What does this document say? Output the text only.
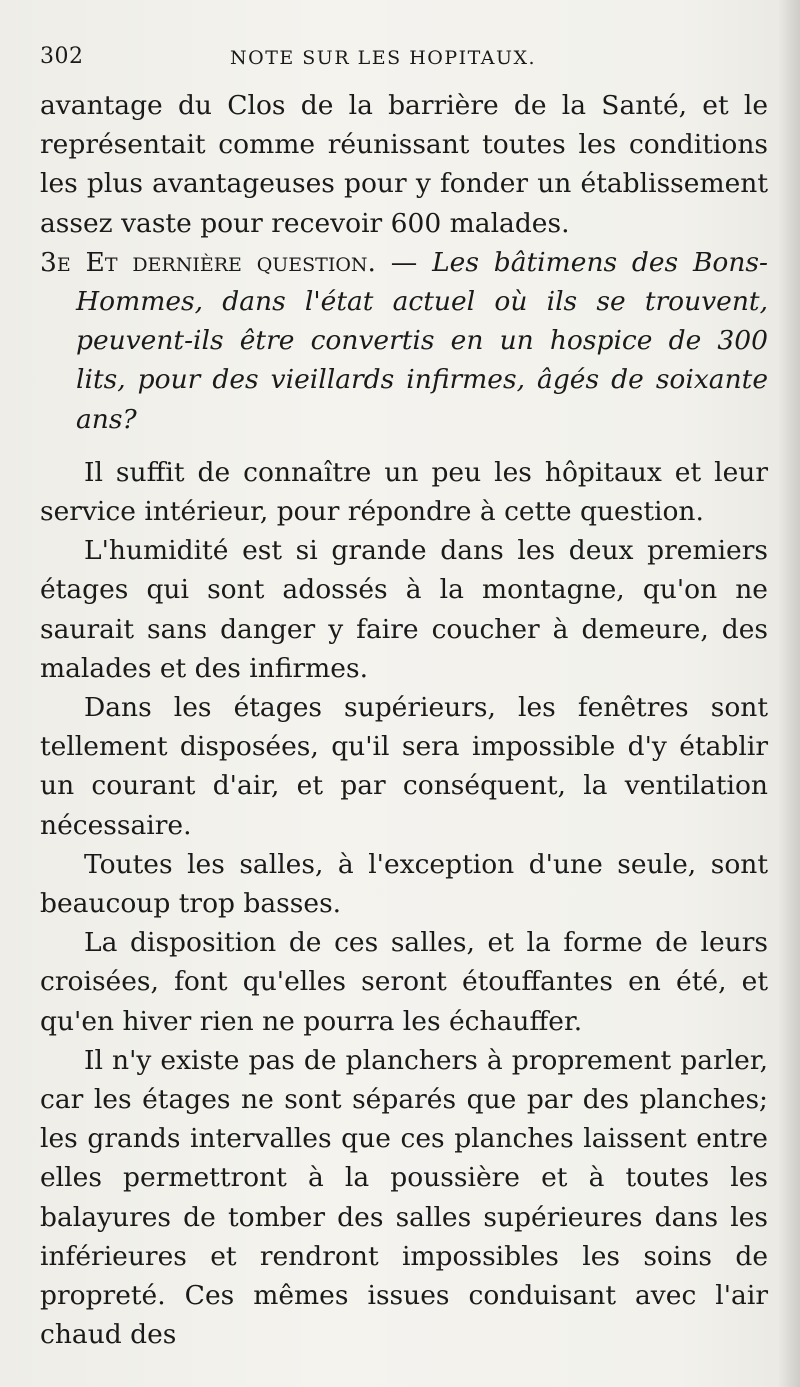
302	NOTE SUR LES HOPITAUX.

avantage du Clos de la barrière de la Santé, et le représentait comme réunissant toutes les conditions les plus avantageuses pour y fonder un établissement assez vaste pour recevoir 600 malades.

3e Et dernière question. — Les bâtimens des Bons-Hommes, dans l'état actuel où ils se trouvent, peuvent-ils être convertis en un hospice de 300 lits, pour des vieillards infirmes, âgés de soixante ans?

Il suffit de connaître un peu les hôpitaux et leur service intérieur, pour répondre à cette question.

L'humidité est si grande dans les deux premiers étages qui sont adossés à la montagne, qu'on ne saurait sans danger y faire coucher à demeure, des malades et des infirmes.

Dans les étages supérieurs, les fenêtres sont tellement disposées, qu'il sera impossible d'y établir un courant d'air, et par conséquent, la ventilation nécessaire.

Toutes les salles, à l'exception d'une seule, sont beaucoup trop basses.

La disposition de ces salles, et la forme de leurs croisées, font qu'elles seront étouffantes en été, et qu'en hiver rien ne pourra les échauffer.

Il n'y existe pas de planchers à proprement parler, car les étages ne sont séparés que par des planches; les grands intervalles que ces planches laissent entre elles permettront à la poussière et à toutes les balayures de tomber des salles supérieures dans les inférieures et rendront impossibles les soins de propreté. Ces mêmes issues conduisant avec l'air chaud des
